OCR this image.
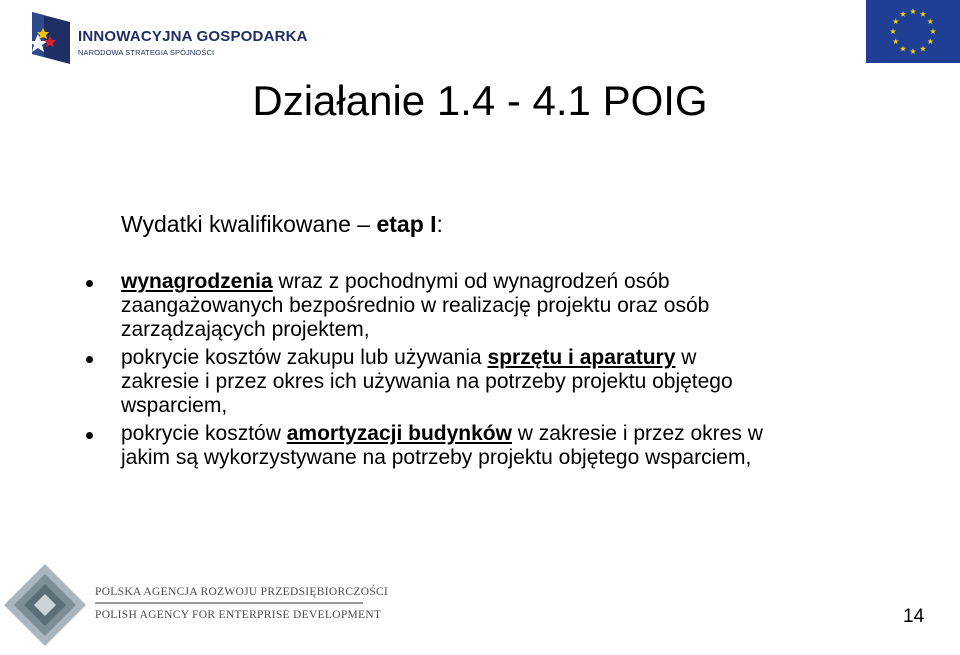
INNOWACYJNA GOSPODARKA
NARODOWA STRATEGIA SPÓJNOŚCI
Działanie 1.4 - 4.1 POIG
Wydatki kwalifikowane – etap I:
wynagrodzenia wraz z pochodnymi od wynagrodzeń osób
zaangażowanych bezpośrednio w realizację projektu oraz osób
zarządzających projektem,
pokrycie kosztów zakupu lub używania sprzętu i aparatury w
zakresie i przez okres ich używania na potrzeby projektu objętego
wsparciem,
pokrycie kosztów amortyzacji budynków w zakresie i przez okres w
jakim są wykorzystywane na potrzeby projektu objętego wsparciem,
POLSKA AGENCJA ROZWOJU PRZEDSIĘBIORCZOŚCI
POLISH AGENCY FOR ENTERPRISE DEVELOPMENT	14
